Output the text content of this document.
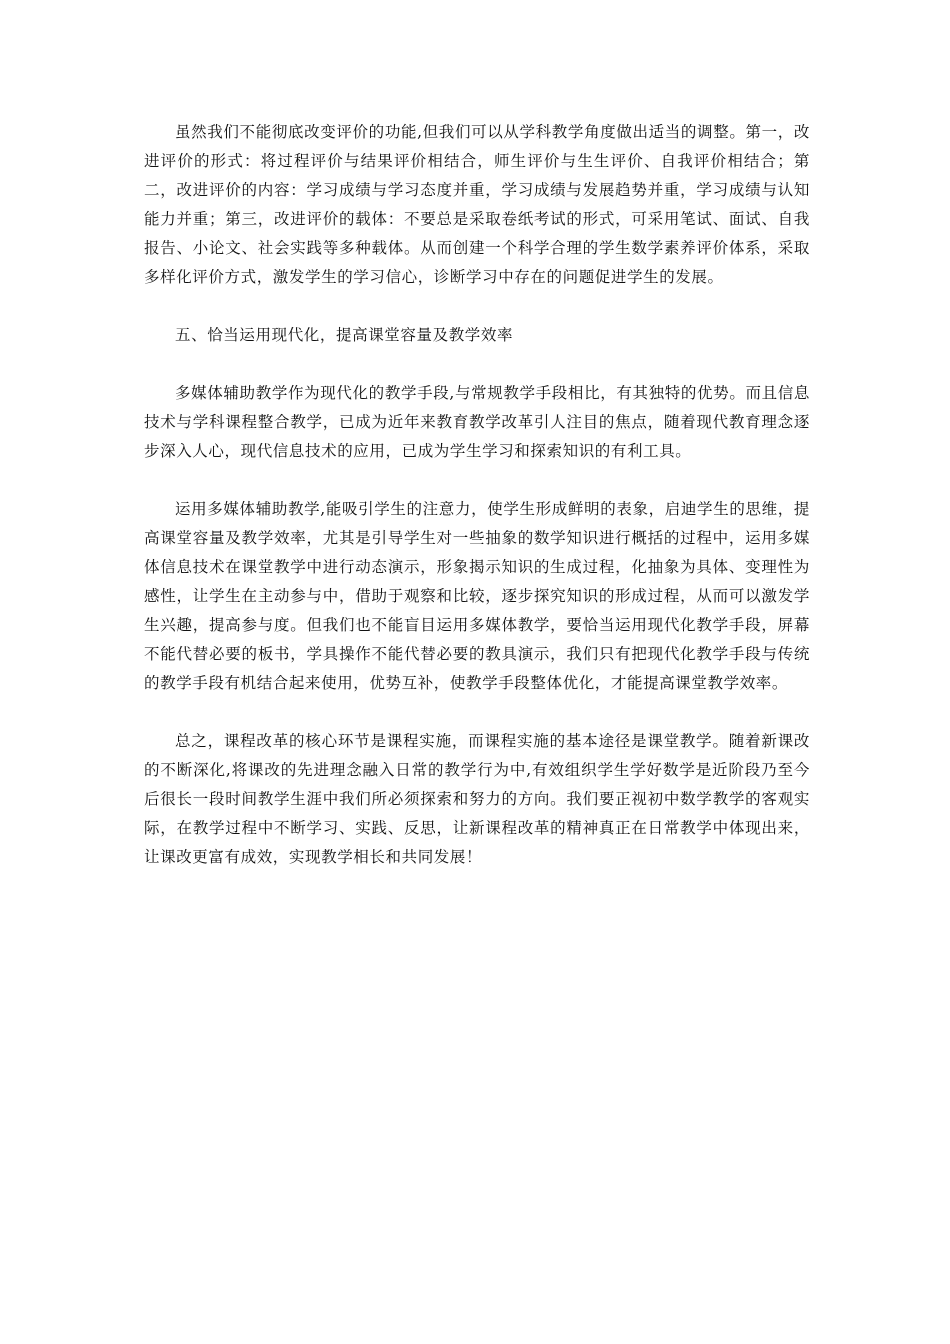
虽然我们不能彻底改变评价的功能,但我们可以从学科教学角度做出适当的调整。第一，改进评价的形式：将过程评价与结果评价相结合，师生评价与生生评价、自我评价相结合；第二，改进评价的内容：学习成绩与学习态度并重，学习成绩与发展趋势并重，学习成绩与认知能力并重；第三，改进评价的载体：不要总是采取卷纸考试的形式，可采用笔试、面试、自我报告、小论文、社会实践等多种载体。从而创建一个科学合理的学生数学素养评价体系，采取多样化评价方式，激发学生的学习信心，诊断学习中存在的问题促进学生的发展。

五、恰当运用现代化，提高课堂容量及教学效率

多媒体辅助教学作为现代化的教学手段,与常规教学手段相比，有其独特的优势。而且信息技术与学科课程整合教学，已成为近年来教育教学改革引人注目的焦点，随着现代教育理念逐步深入人心，现代信息技术的应用，已成为学生学习和探索知识的有利工具。

运用多媒体辅助教学,能吸引学生的注意力，使学生形成鲜明的表象，启迪学生的思维，提高课堂容量及教学效率，尤其是引导学生对一些抽象的数学知识进行概括的过程中，运用多媒体信息技术在课堂教学中进行动态演示，形象揭示知识的生成过程，化抽象为具体、变理性为感性，让学生在主动参与中，借助于观察和比较，逐步探究知识的形成过程，从而可以激发学生兴趣，提高参与度。但我们也不能盲目运用多媒体教学，要恰当运用现代化教学手段，屏幕不能代替必要的板书，学具操作不能代替必要的教具演示，我们只有把现代化教学手段与传统的教学手段有机结合起来使用，优势互补，使教学手段整体优化，才能提高课堂教学效率。

总之，课程改革的核心环节是课程实施，而课程实施的基本途径是课堂教学。随着新课改的不断深化,将课改的先进理念融入日常的教学行为中,有效组织学生学好数学是近阶段乃至今后很长一段时间教学生涯中我们所必须探索和努力的方向。我们要正视初中数学教学的客观实际，在教学过程中不断学习、实践、反思，让新课程改革的精神真正在日常教学中体现出来，让课改更富有成效，实现教学相长和共同发展！
